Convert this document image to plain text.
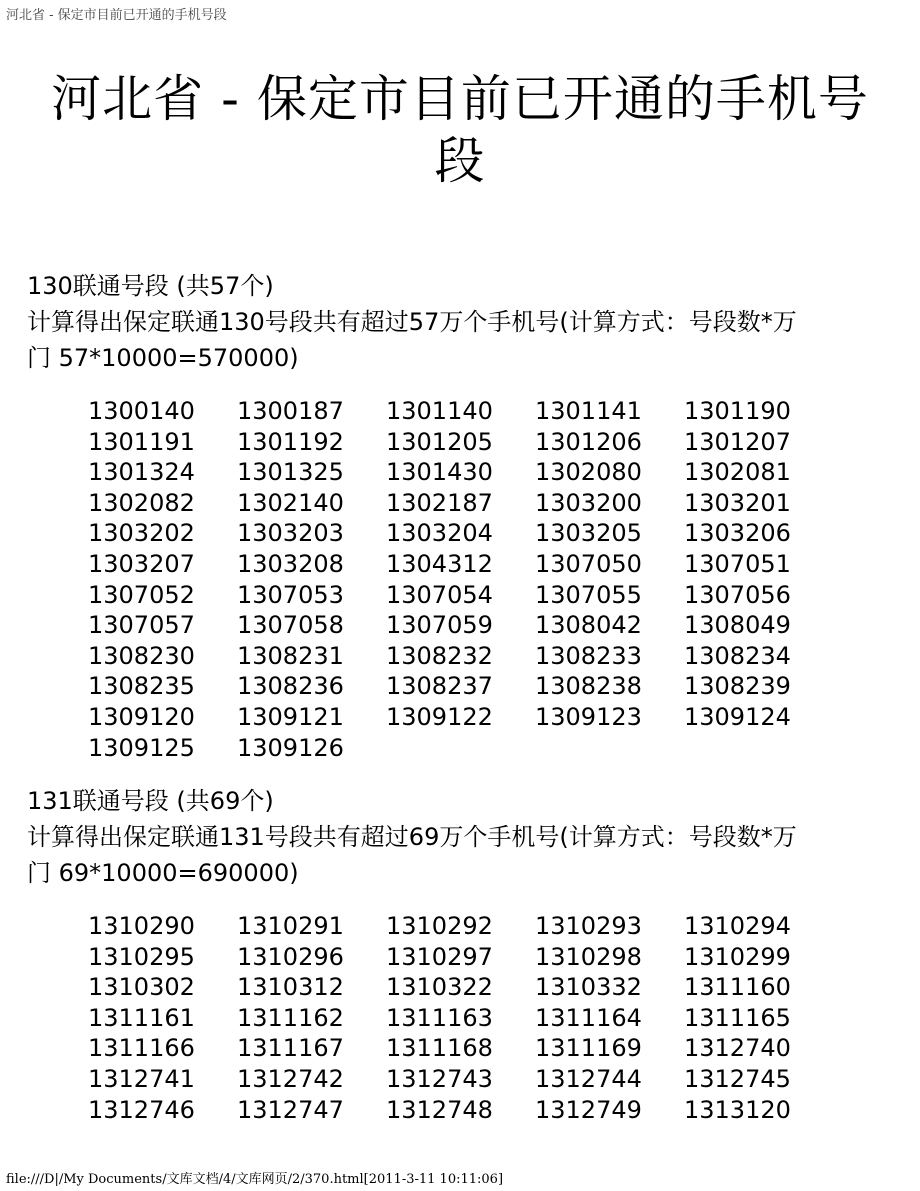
河北省 - 保定市目前已开通的手机号段
河北省 - 保定市目前已开通的手机号
段
130联通号段 (共57个)
计算得出保定联通130号段共有超过57万个手机号(计算方式：号段数*万
门 57*10000=570000)
1300140	1300187	1301140	1301141	1301190
1301191	1301192	1301205	1301206	1301207
1301324	1301325	1301430	1302080	1302081
1302082	1302140	1302187	1303200	1303201
1303202	1303203	1303204	1303205	1303206
1303207	1303208	1304312	1307050	1307051
1307052	1307053	1307054	1307055	1307056
1307057	1307058	1307059	1308042	1308049
1308230	1308231	1308232	1308233	1308234
1308235	1308236	1308237	1308238	1308239
1309120	1309121	1309122	1309123	1309124
1309125	1309126
131联通号段 (共69个)
计算得出保定联通131号段共有超过69万个手机号(计算方式：号段数*万
门 69*10000=690000)
1310290	1310291	1310292	1310293	1310294
1310295	1310296	1310297	1310298	1310299
1310302	1310312	1310322	1310332	1311160
1311161	1311162	1311163	1311164	1311165
1311166	1311167	1311168	1311169	1312740
1312741	1312742	1312743	1312744	1312745
1312746	1312747	1312748	1312749	1313120
file:///D|/My Documents/文库文档/4/文库网页/2/370.html[2011-3-11 10:11:06]
